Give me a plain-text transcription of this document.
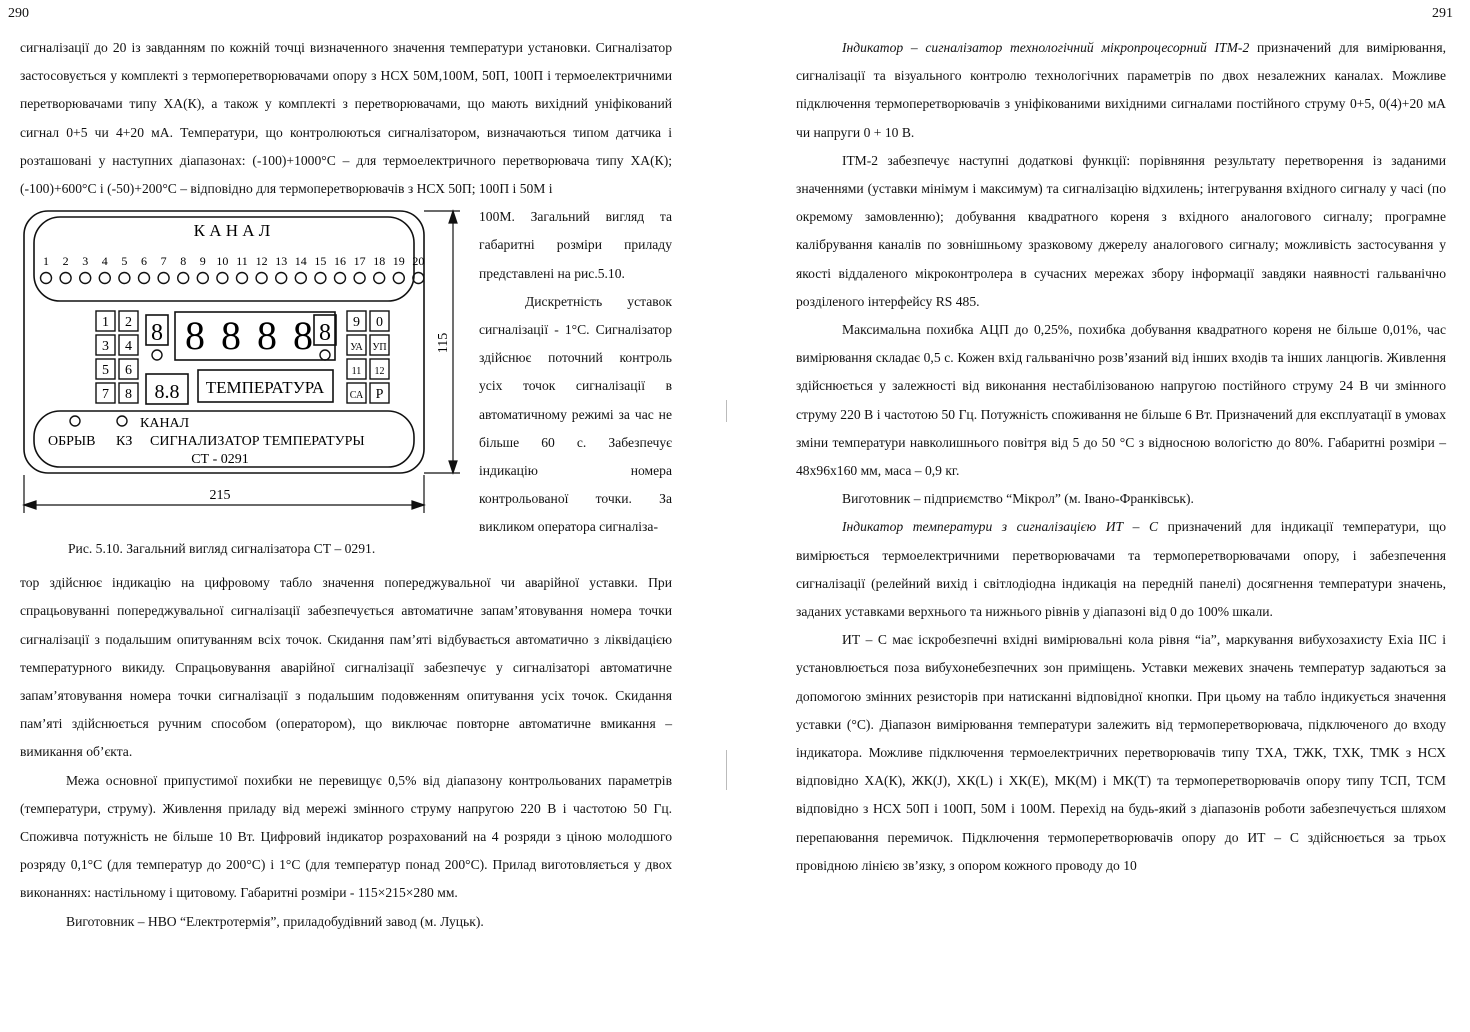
290	291

сигналізації до 20 із завданням по кожній точці визначенного значення температури установки. Сигналізатор застосовується у комплекті з термоперетворювачами опору з НСХ 50М,100М, 50П, 100П і термоелектричними перетворювачами типу ХА(К), а також у комплекті з перетворювачами, що мають вихідний уніфікований сигнал 0+5 чи 4+20 мА. Температури, що контролюються сигналізатором, визначаються типом датчика і розташовані у наступних діапазонах: (-100)+1000°С – для термоелектричного перетворювача типу ХА(К); (-100)+600°С і (-50)+200°С – відповідно для термоперетворювачів з НСХ 50П; 100П і 50М і

К А Н А Л
1 2 3 4 5 6 7 8 9 10 11 12 13 14 15 16 17 18 19 20
1 2
3 4
5 6
7 8
9 0
УА УП
11 12
СА Р
8	8
8 8 8 8
8.8 ТЕМПЕРАТУРА
КАНАЛ
ОБРЫВ КЗ СИГНАЛИЗАТОР ТЕМПЕРАТУРЫ
СТ - 0291
115
215
Рис. 5.10. Загальний вигляд сигналізатора СТ – 0291.

100М. Загальний вигляд та габаритні розміри приладу представлені на рис.5.10.

Дискретність уставок сигналізації - 1°С. Сигналізатор здійснює поточний контроль усіх точок сигналізації в автоматичному режимі за час не більше 60 с. Забезпечує індикацію номера контрольованої точки. За викликом оператора сигналіза-

тор здійснює індикацію на цифровому табло значення попереджувальної чи аварійної уставки. При спрацьовуванні попереджувальної сигналізації забезпечується автоматичне запам’ятовування номера точки сигналізації з подальшим опитуванням всіх точок. Скидання пам’яті відбувається автоматично з ліквідацією температурного викиду. Спрацьовування аварійної сигналізації забезпечує у сигналізаторі автоматичне запам’ятовування номера точки сигналізації з подальшим подовженням опитування усіх точок. Скидання пам’яті здійснюється ручним способом (оператором), що виключає повторне автоматичне вмикання – вимикання об’єкта.

Межа основної припустимої похибки не перевищує 0,5% від діапазону контрольованих параметрів (температури, струму). Живлення приладу від мережі змінного струму напругою 220 В і частотою 50 Гц. Споживча потужність не більше 10 Вт. Цифровий індикатор розрахований на 4 розряди з ціною молодшого розряду 0,1°С (для температур до 200°С) і 1°С (для температур понад 200°С). Прилад виготовляється у двох виконаннях: настільному і щитовому. Габаритні розміри - 115×215×280 мм.

Виготовник – НВО “Електротермія”, приладобудівний завод (м. Луцьк).

Індикатор – сигналізатор технологічний мікропроцесорний ІТМ-2 призначений для вимірювання, сигналізації та візуального контролю технологічних параметрів по двох незалежних каналах. Можливе підключення термоперетворювачів з уніфікованими вихідними сигналами постійного струму 0+5, 0(4)+20 мА чи напруги 0 + 10 В.

ІТМ-2 забезпечує наступні додаткові функції: порівняння результату перетворення із заданими значеннями (уставки мінімум і максимум) та сигналізацію відхилень; інтегрування вхідного сигналу у часі (по окремому замовленню); добування квадратного кореня з вхідного аналогового сигналу; програмне калібрування каналів по зовнішньому зразковому джерелу аналогового сигналу; можливість застосування у якості віддаленого мікроконтролера в сучасних мережах збору інформації завдяки наявності гальванічно розділеного інтерфейсу RS 485.

Максимальна похибка АЦП до 0,25%, похибка добування квадратного кореня не більше 0,01%, час вимірювання складає 0,5 с. Кожен вхід гальванічно розв’язаний від інших входів та інших ланцюгів. Живлення здійснюється у залежності від виконання нестабілізованою напругою постійного струму 24 В чи змінного струму 220 В і частотою 50 Гц. Потужність споживання не більше 6 Вт. Призначений для експлуатації в умовах зміни температури навколишнього повітря від 5 до 50 °С з відносною вологістю до 80%. Габаритні розміри – 48х96х160 мм, маса – 0,9 кг.

Виготовник – підприємство “Мікрол” (м. Івано-Франківськ).

Індикатор температури з сигналізацією ИТ – С призначений для індикації температури, що вимірюється термоелектричними перетворювачами та термоперетворювачами опору, і забезпечення сигналізації (релейний вихід і світлодіодна індикація на передній панелі) досягнення температури значень, заданих уставками верхнього та нижнього рівнів у діапазоні від 0 до 100% шкали.

ИТ – С має іскробезпечні вхідні вимірювальні кола рівня “іа”, маркування вибухозахисту Exia IIC і установлюється поза вибухонебезпечних зон приміщень. Уставки межевих значень температур задаються за допомогою змінних резисторів при натисканні відповідної кнопки. При цьому на табло індикується значення уставки (°С). Діапазон вимірювання температури залежить від термоперетворювача, підключеного до входу індикатора. Можливе підключення термоелектричних перетворювачів типу ТХА, ТЖК, ТХК, ТМК з НСХ відповідно ХА(К), ЖК(J), ХК(L) і ХК(Е), МК(М) і МК(Т) та термоперетворювачів опору типу ТСП, ТСМ відповідно з НСХ 50П і 100П, 50М і 100М. Перехід на будь-який з діапазонів роботи забезпечується шляхом перепаювання перемичок. Підключення термоперетворювачів опору до ИТ – С здійснюється за трьох провідною лінією зв’язку, з опором кожного проводу до 10
